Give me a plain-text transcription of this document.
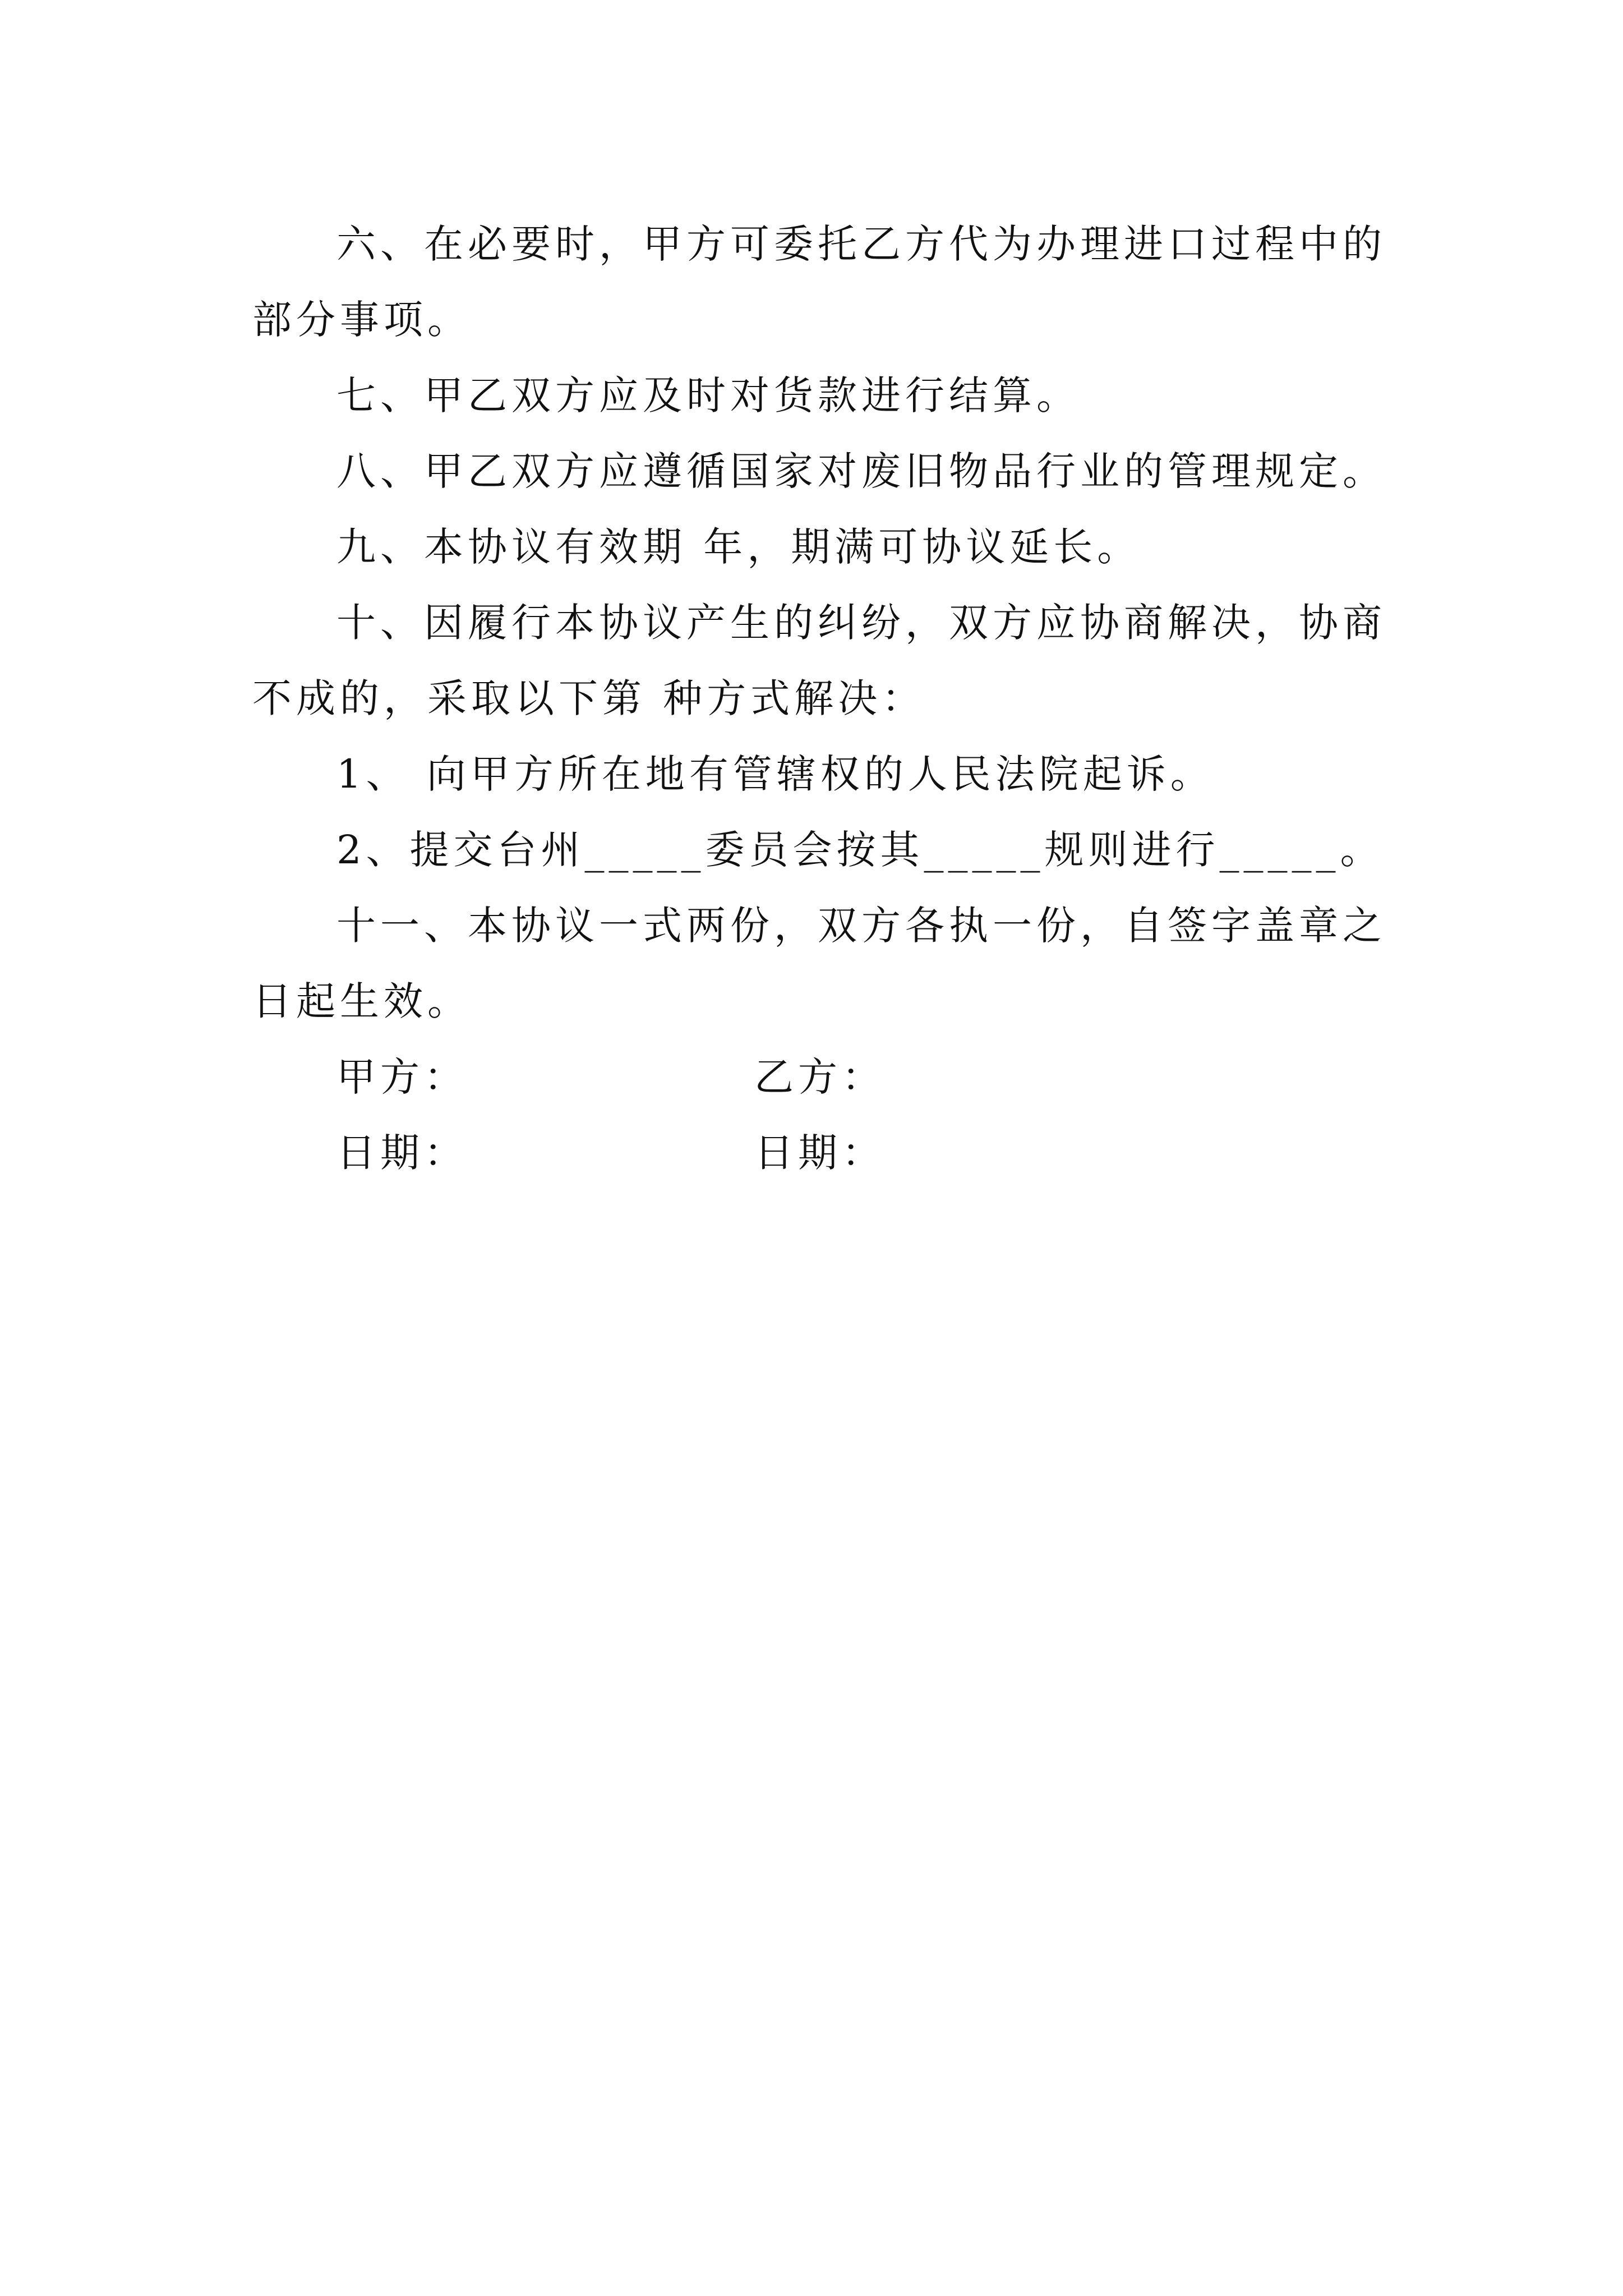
六、在必要时，甲方可委托乙方代为办理进口过程中的
部分事项。
七、甲乙双方应及时对货款进行结算。
八、甲乙双方应遵循国家对废旧物品行业的管理规定。
九、本协议有效期 年，期满可协议延长。
十、因履行本协议产生的纠纷，双方应协商解决，协商
不成的，采取以下第 种方式解决：
1、 向甲方所在地有管辖权的人民法院起诉。
2、提交台州_____委员会按其_____规则进行_____。
十一、本协议一式两份，双方各执一份，自签字盖章之
日起生效。
甲方：	乙方：
日期：	日期：
